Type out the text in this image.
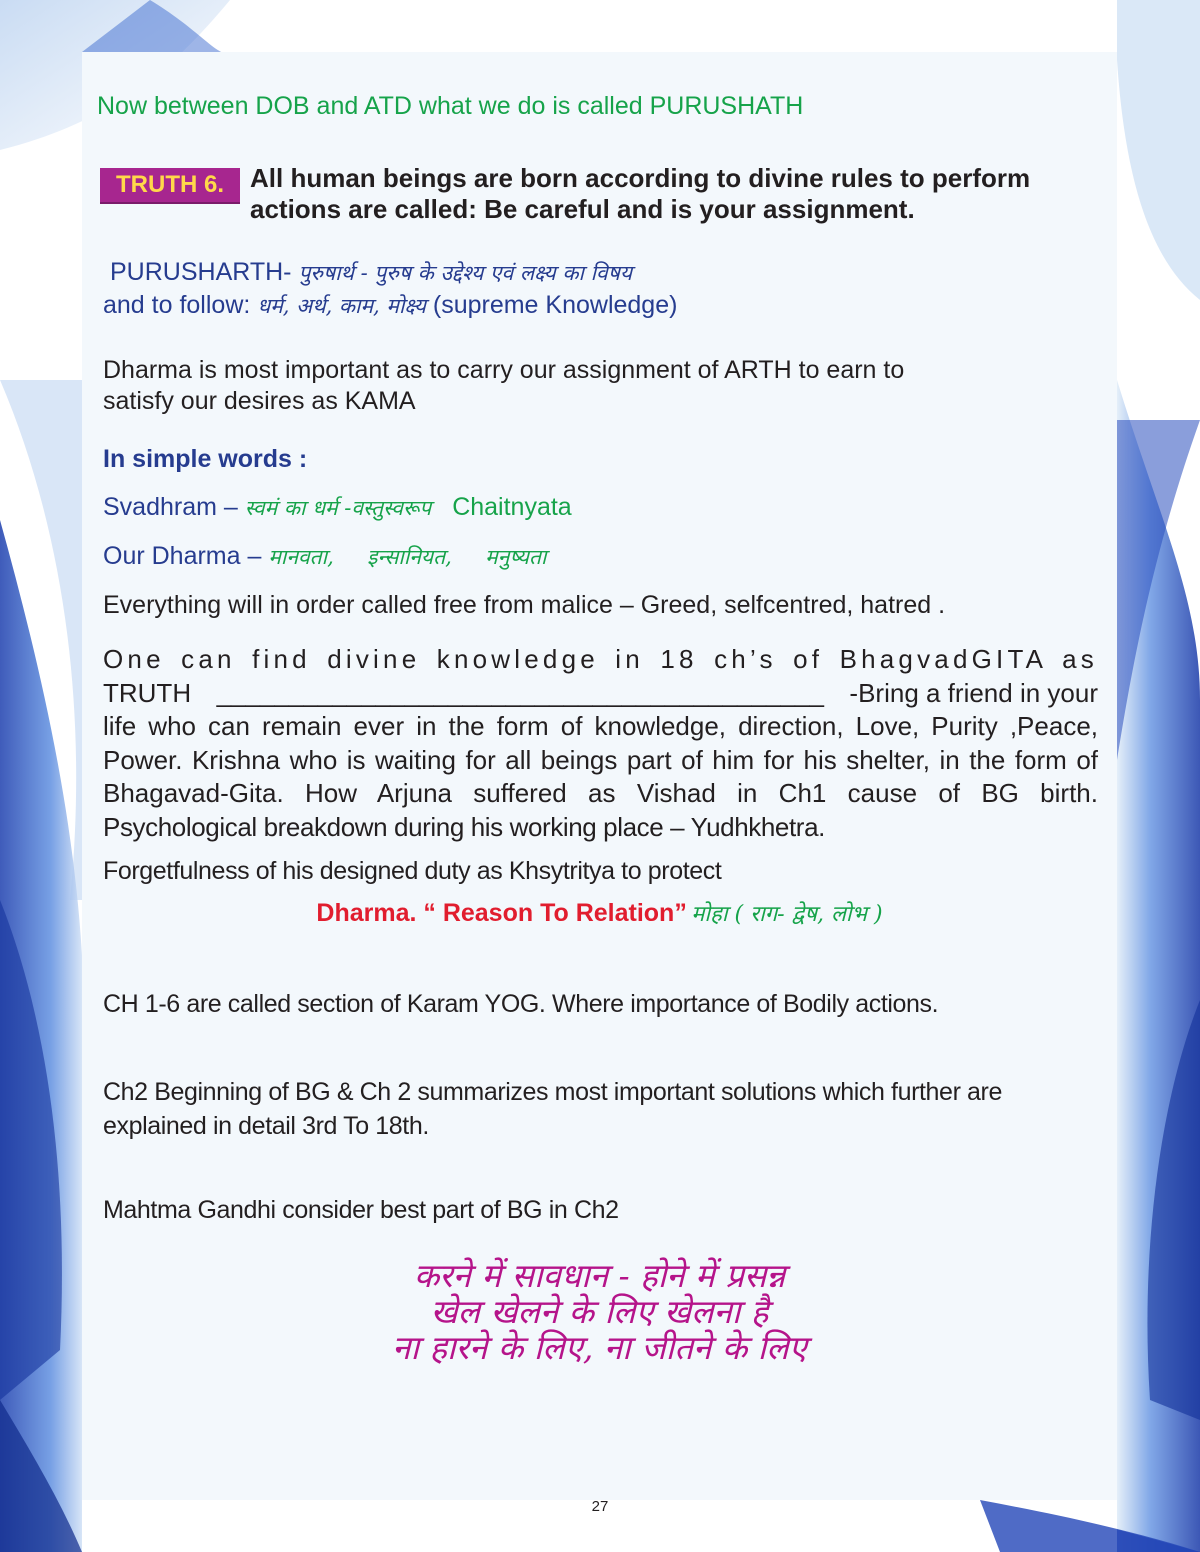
Now between DOB and ATD what we do is called PURUSHATH
TRUTH 6.	All human beings are born according to divine rules to perform
actions are called: Be careful and is your assignment.
PURUSHARTH- पुरुषार्थ - पुरुष के उद्देश्य एवं लक्ष्य का विषय
and to follow: धर्म, अर्थ, काम, मोक्ष्य (supreme Knowledge)
Dharma is most important as to carry our assignment of ARTH to earn to
satisfy our desires as KAMA
In simple words :
Svadhram – स्वमं का धर्म -वस्तुस्वरूप Chaitnyata
Our Dharma – मानवता,     इन्सानियत,     मनुष्यता
Everything will in order called free from malice – Greed, selfcentred, hatred .
One can find divine knowledge in 18 ch’s of BhagvadGITA as
TRUTH __________________________________________ -Bring a friend in your
life who can remain ever in the form of knowledge, direction, Love, Purity ,Peace,
Power. Krishna who is waiting for all beings part of him for his shelter, in the form of
Bhagavad-Gita. How Arjuna suffered as Vishad in Ch1 cause of BG birth.
Psychological breakdown during his working place – Yudhkhetra.
Forgetfulness of his designed duty as Khsytritya to protect
Dharma. “ Reason To Relation” मोहा ( राग- द्वेष, लोभ )
CH 1-6 are called section of Karam YOG. Where importance of Bodily actions.
Ch2 Beginning of BG & Ch 2 summarizes most important solutions which further are
explained in detail 3rd To 18th.
Mahtma Gandhi consider best part of BG in Ch2
करने में सावधान - होने में प्रसन्न
खेल खेलने के लिए खेलना है
ना हारने के लिए, ना जीतने के लिए
27
